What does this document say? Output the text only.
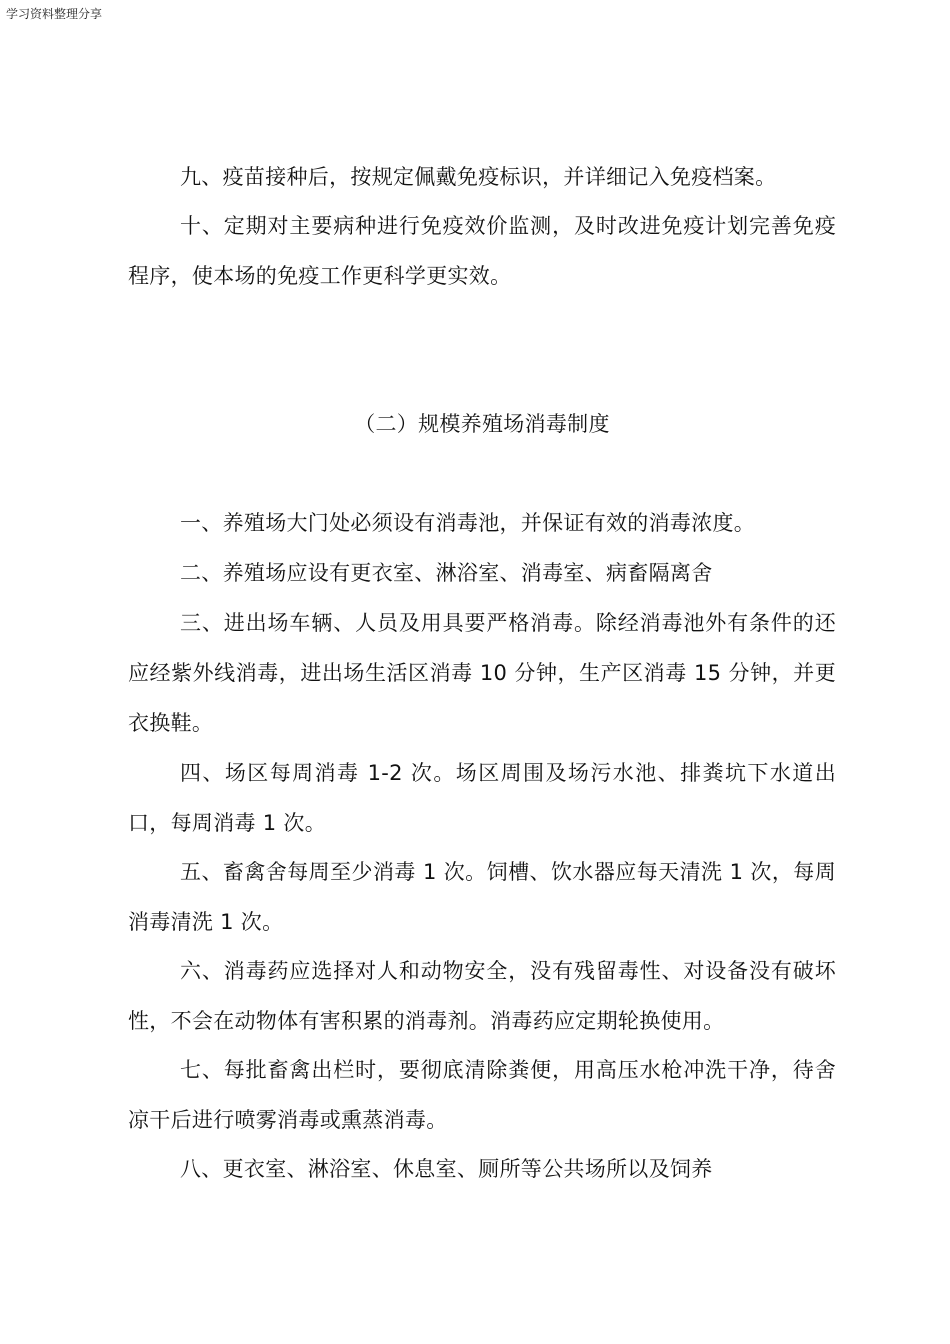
学习资料整理分享

九、疫苗接种后，按规定佩戴免疫标识，并详细记入免疫档案。

十、定期对主要病种进行免疫效价监测，及时改进免疫计划完善免疫程序，使本场的免疫工作更科学更实效。

（二）规模养殖场消毒制度

一、养殖场大门处必须设有消毒池，并保证有效的消毒浓度。

二、养殖场应设有更衣室、淋浴室、消毒室、病畜隔离舍

三、进出场车辆、人员及用具要严格消毒。除经消毒池外有条件的还应经紫外线消毒，进出场生活区消毒 10 分钟，生产区消毒 15 分钟，并更衣换鞋。

四、场区每周消毒 1-2 次。场区周围及场污水池、排粪坑下水道出口，每周消毒 1 次。

五、畜禽舍每周至少消毒 1 次。饲槽、饮水器应每天清洗 1 次，每周消毒清洗 1 次。

六、消毒药应选择对人和动物安全，没有残留毒性、对设备没有破坏性，不会在动物体有害积累的消毒剂。消毒药应定期轮换使用。

七、每批畜禽出栏时，要彻底清除粪便，用高压水枪冲洗干净，待舍凉干后进行喷雾消毒或熏蒸消毒。

八、更衣室、淋浴室、休息室、厕所等公共场所以及饲养
